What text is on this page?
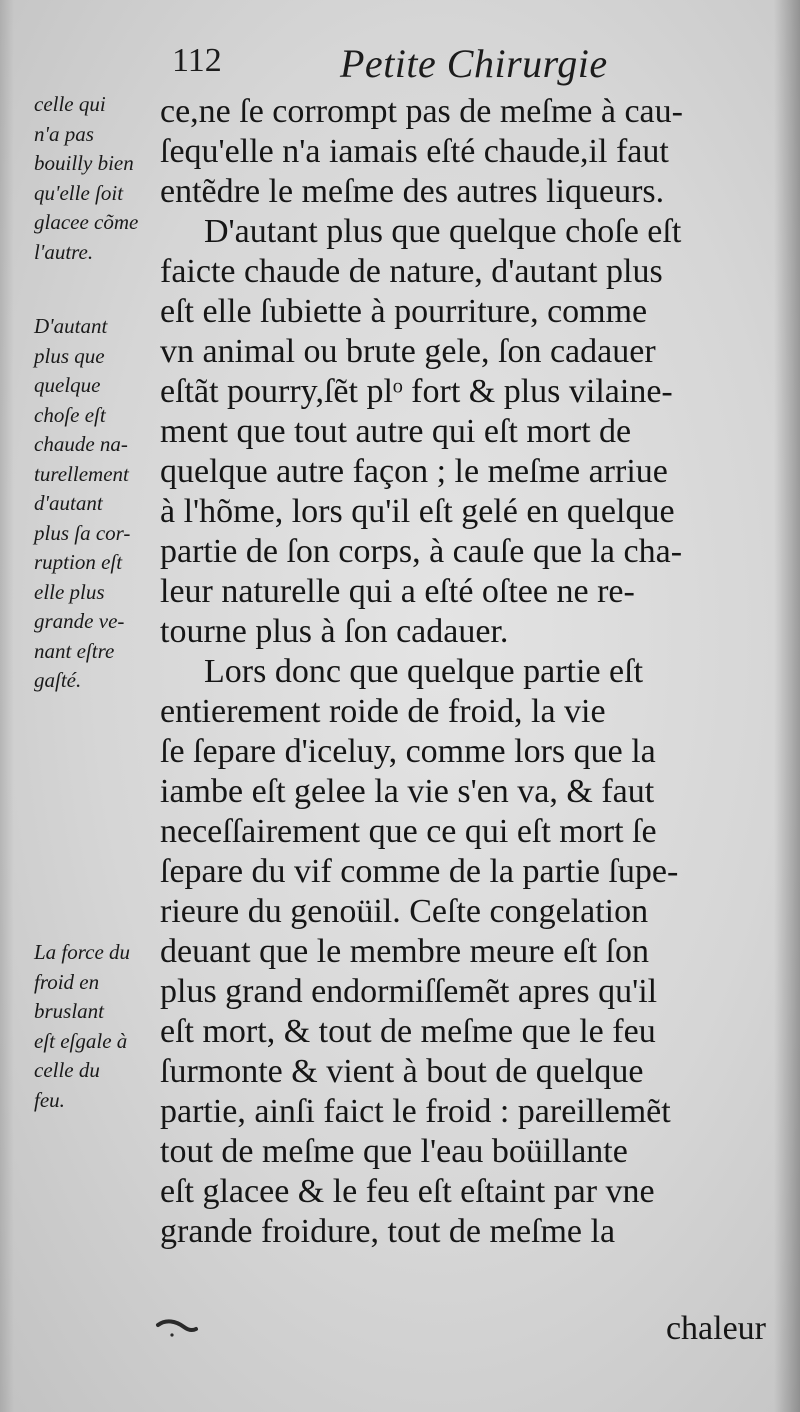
112	Petite Chirurgie
celle qui
n'a pas
bouilly bien
qu'elle ſoit
glacee cõme
l'autre.
D'autant
plus que
quelque
choſe eſt
chaude na-
turellement
d'autant
plus ſa cor-
ruption eſt
elle plus
grande ve-
nant eſtre
gaſté.
La force du
froid en
bruslant
eſt eſgale à
celle du
feu.
ce,ne ſe corrompt pas de meſme à cau-
ſequ'elle n'a iamais eſté chaude,il faut
entẽdre le meſme des autres liqueurs.
D'autant plus que quelque choſe eſt
faicte chaude de nature, d'autant plus
eſt elle ſubiette à pourriture, comme
vn animal ou brute gele, ſon cadauer
eſtãt pourry,ſẽt plᵒ fort & plus vilaine-
ment que tout autre qui eſt mort de
quelque autre façon ; le meſme arriue
à l'hõme, lors qu'il eſt gelé en quelque
partie de ſon corps, à cauſe que la cha-
leur naturelle qui a eſté oſtee ne re-
tourne plus à ſon cadauer.
Lors donc que quelque partie eſt
entierement roide de froid, la vie
ſe ſepare d'iceluy, comme lors que la
iambe eſt gelee la vie s'en va, & faut
neceſſairement que ce qui eſt mort ſe
ſepare du vif comme de la partie ſupe-
rieure du genoüil. Ceſte congelation
deuant que le membre meure eſt ſon
plus grand endormiſſemẽt apres qu'il
eſt mort, & tout de meſme que le feu
ſurmonte & vient à bout de quelque
partie, ainſi faict le froid : pareillemẽt
tout de meſme que l'eau boüillante
eſt glacee & le feu eſt eſtaint par vne
grande froidure, tout de meſme la
chaleur
